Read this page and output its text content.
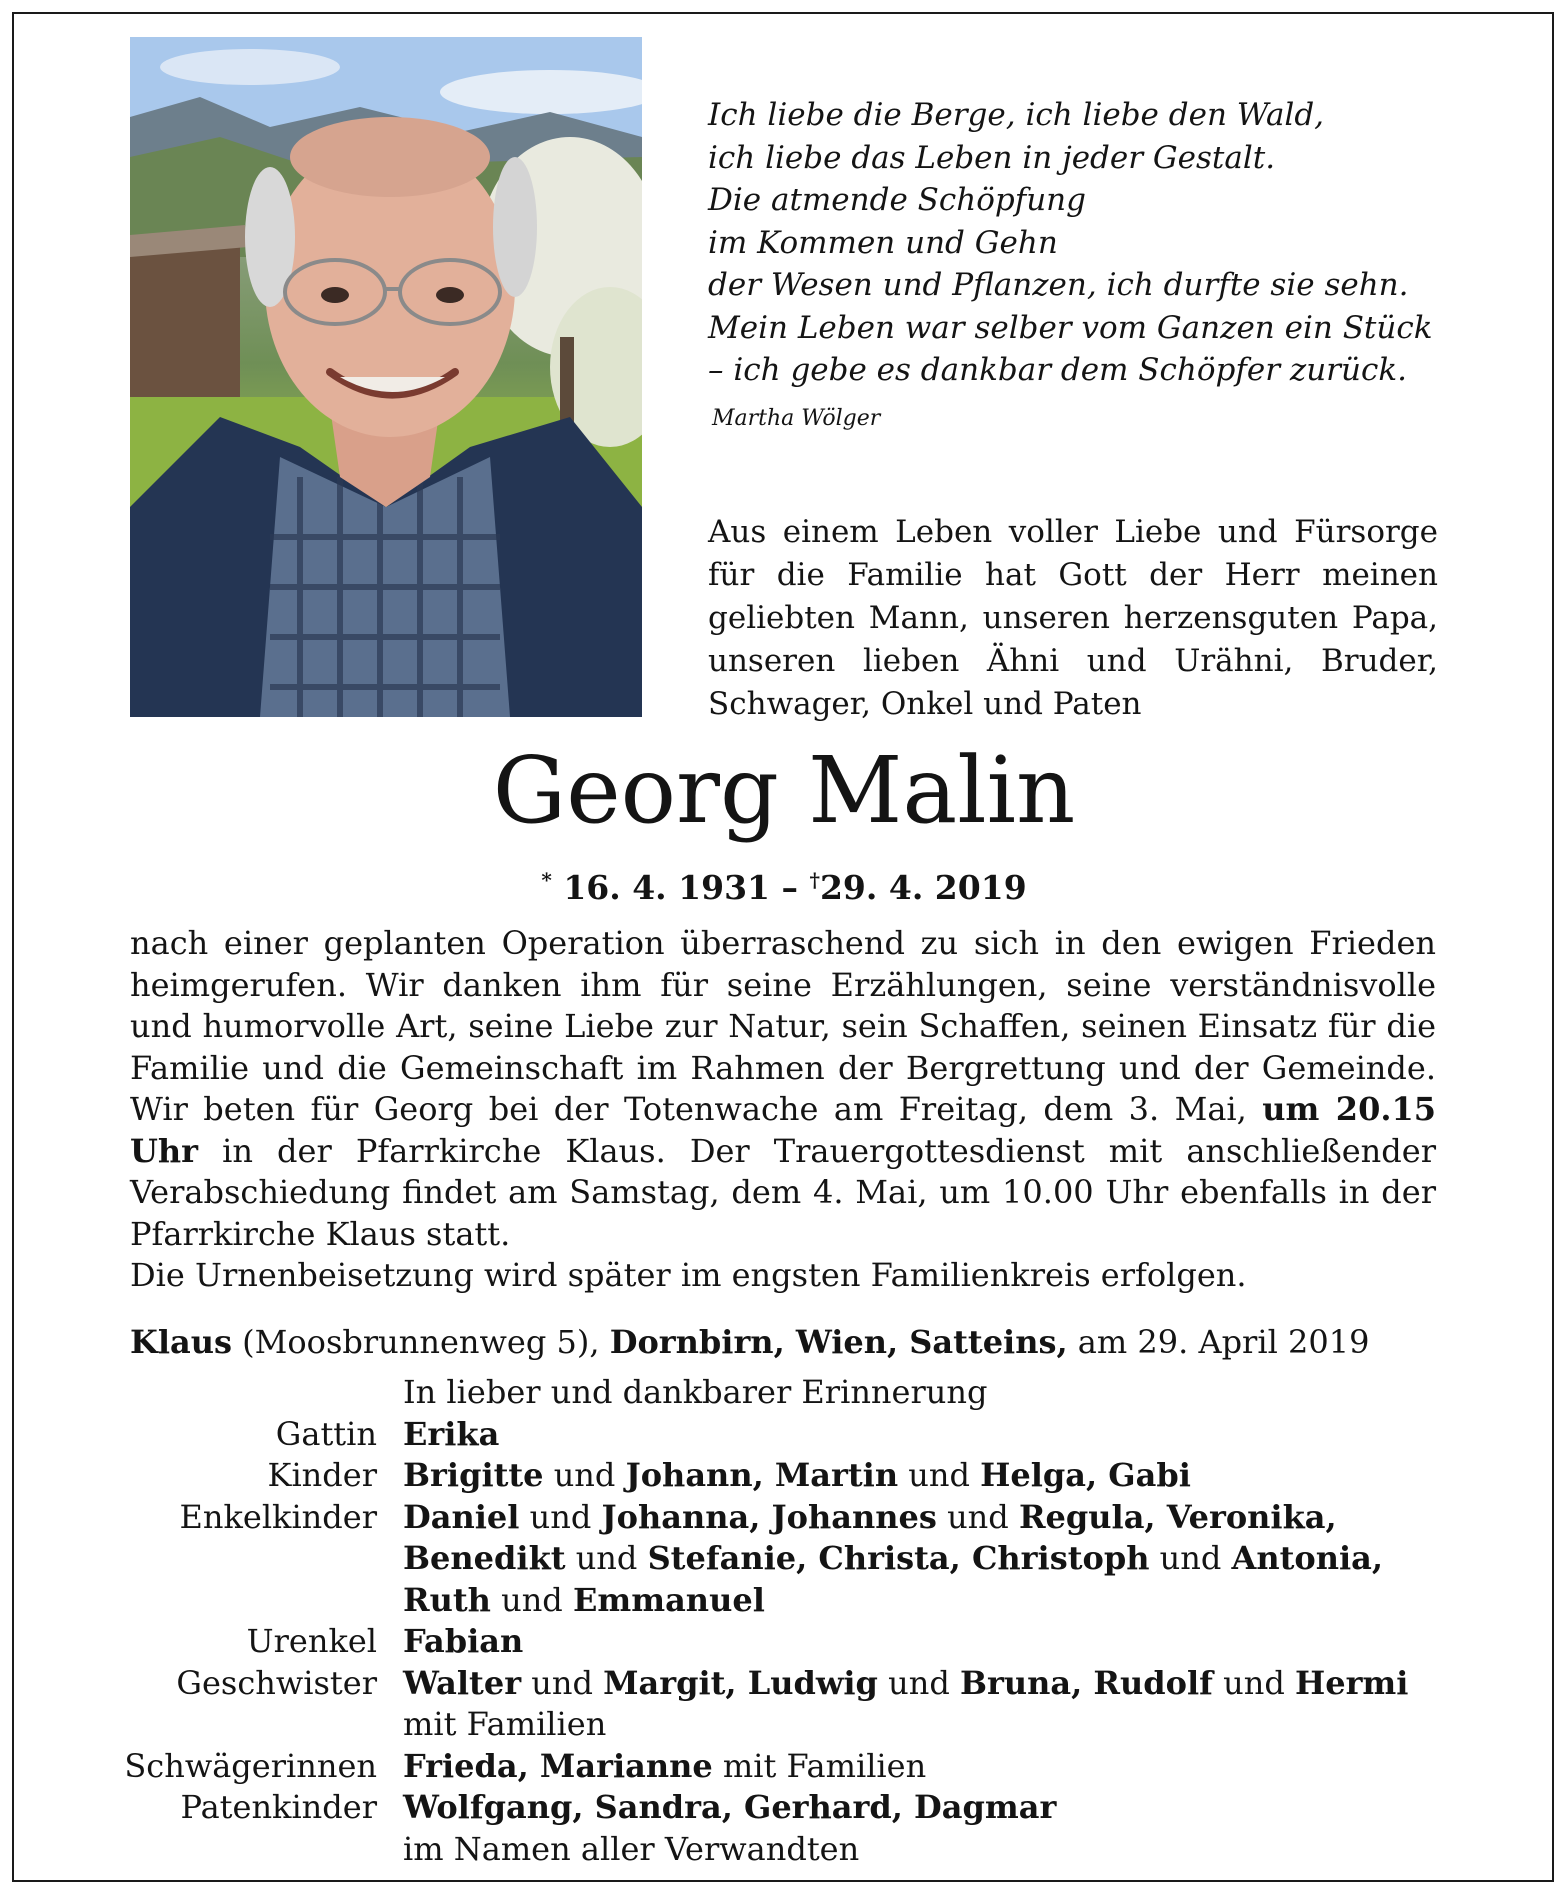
Ich liebe die Berge, ich liebe den Wald,
ich liebe das Leben in jeder Gestalt.
Die atmende Schöpfung
im Kommen und Gehn
der Wesen und Pflanzen, ich durfte sie sehn.
Mein Leben war selber vom Ganzen ein Stück
– ich gebe es dankbar dem Schöpfer zurück.
Martha Wölger
Aus einem Leben voller Liebe und Fürsorge für die Familie hat Gott der Herr meinen geliebten Mann, unseren herzensguten Papa, unseren lieben Ähni und Urähni, Bruder, Schwager, Onkel und Paten
Georg Malin
* 16. 4. 1931 – †29. 4. 2019
nach einer geplanten Operation überraschend zu sich in den ewigen Frieden heimgerufen. Wir danken ihm für seine Erzählungen, seine verständnisvolle und humorvolle Art, seine Liebe zur Natur, sein Schaffen, seinen Einsatz für die Familie und die Gemeinschaft im Rahmen der Bergrettung und der Gemeinde. Wir beten für Georg bei der Totenwache am Freitag, dem 3. Mai, um 20.15 Uhr in der Pfarrkirche Klaus. Der Trauergottesdienst mit anschließender Verabschiedung findet am Samstag, dem 4. Mai, um 10.00 Uhr ebenfalls in der Pfarrkirche Klaus statt.
Die Urnenbeisetzung wird später im engsten Familienkreis erfolgen.
Klaus (Moosbrunnenweg 5), Dornbirn, Wien, Satteins, am 29. April 2019
In lieber und dankbarer Erinnerung
Gattin Erika
Kinder Brigitte und Johann, Martin und Helga, Gabi
Enkelkinder Daniel und Johanna, Johannes und Regula, Veronika,
Benedikt und Stefanie, Christa, Christoph und Antonia,
Ruth und Emmanuel
Urenkel Fabian
Geschwister Walter und Margit, Ludwig und Bruna, Rudolf und Hermi
mit Familien
Schwägerinnen Frieda, Marianne mit Familien
Patenkinder Wolfgang, Sandra, Gerhard, Dagmar
im Namen aller Verwandten
